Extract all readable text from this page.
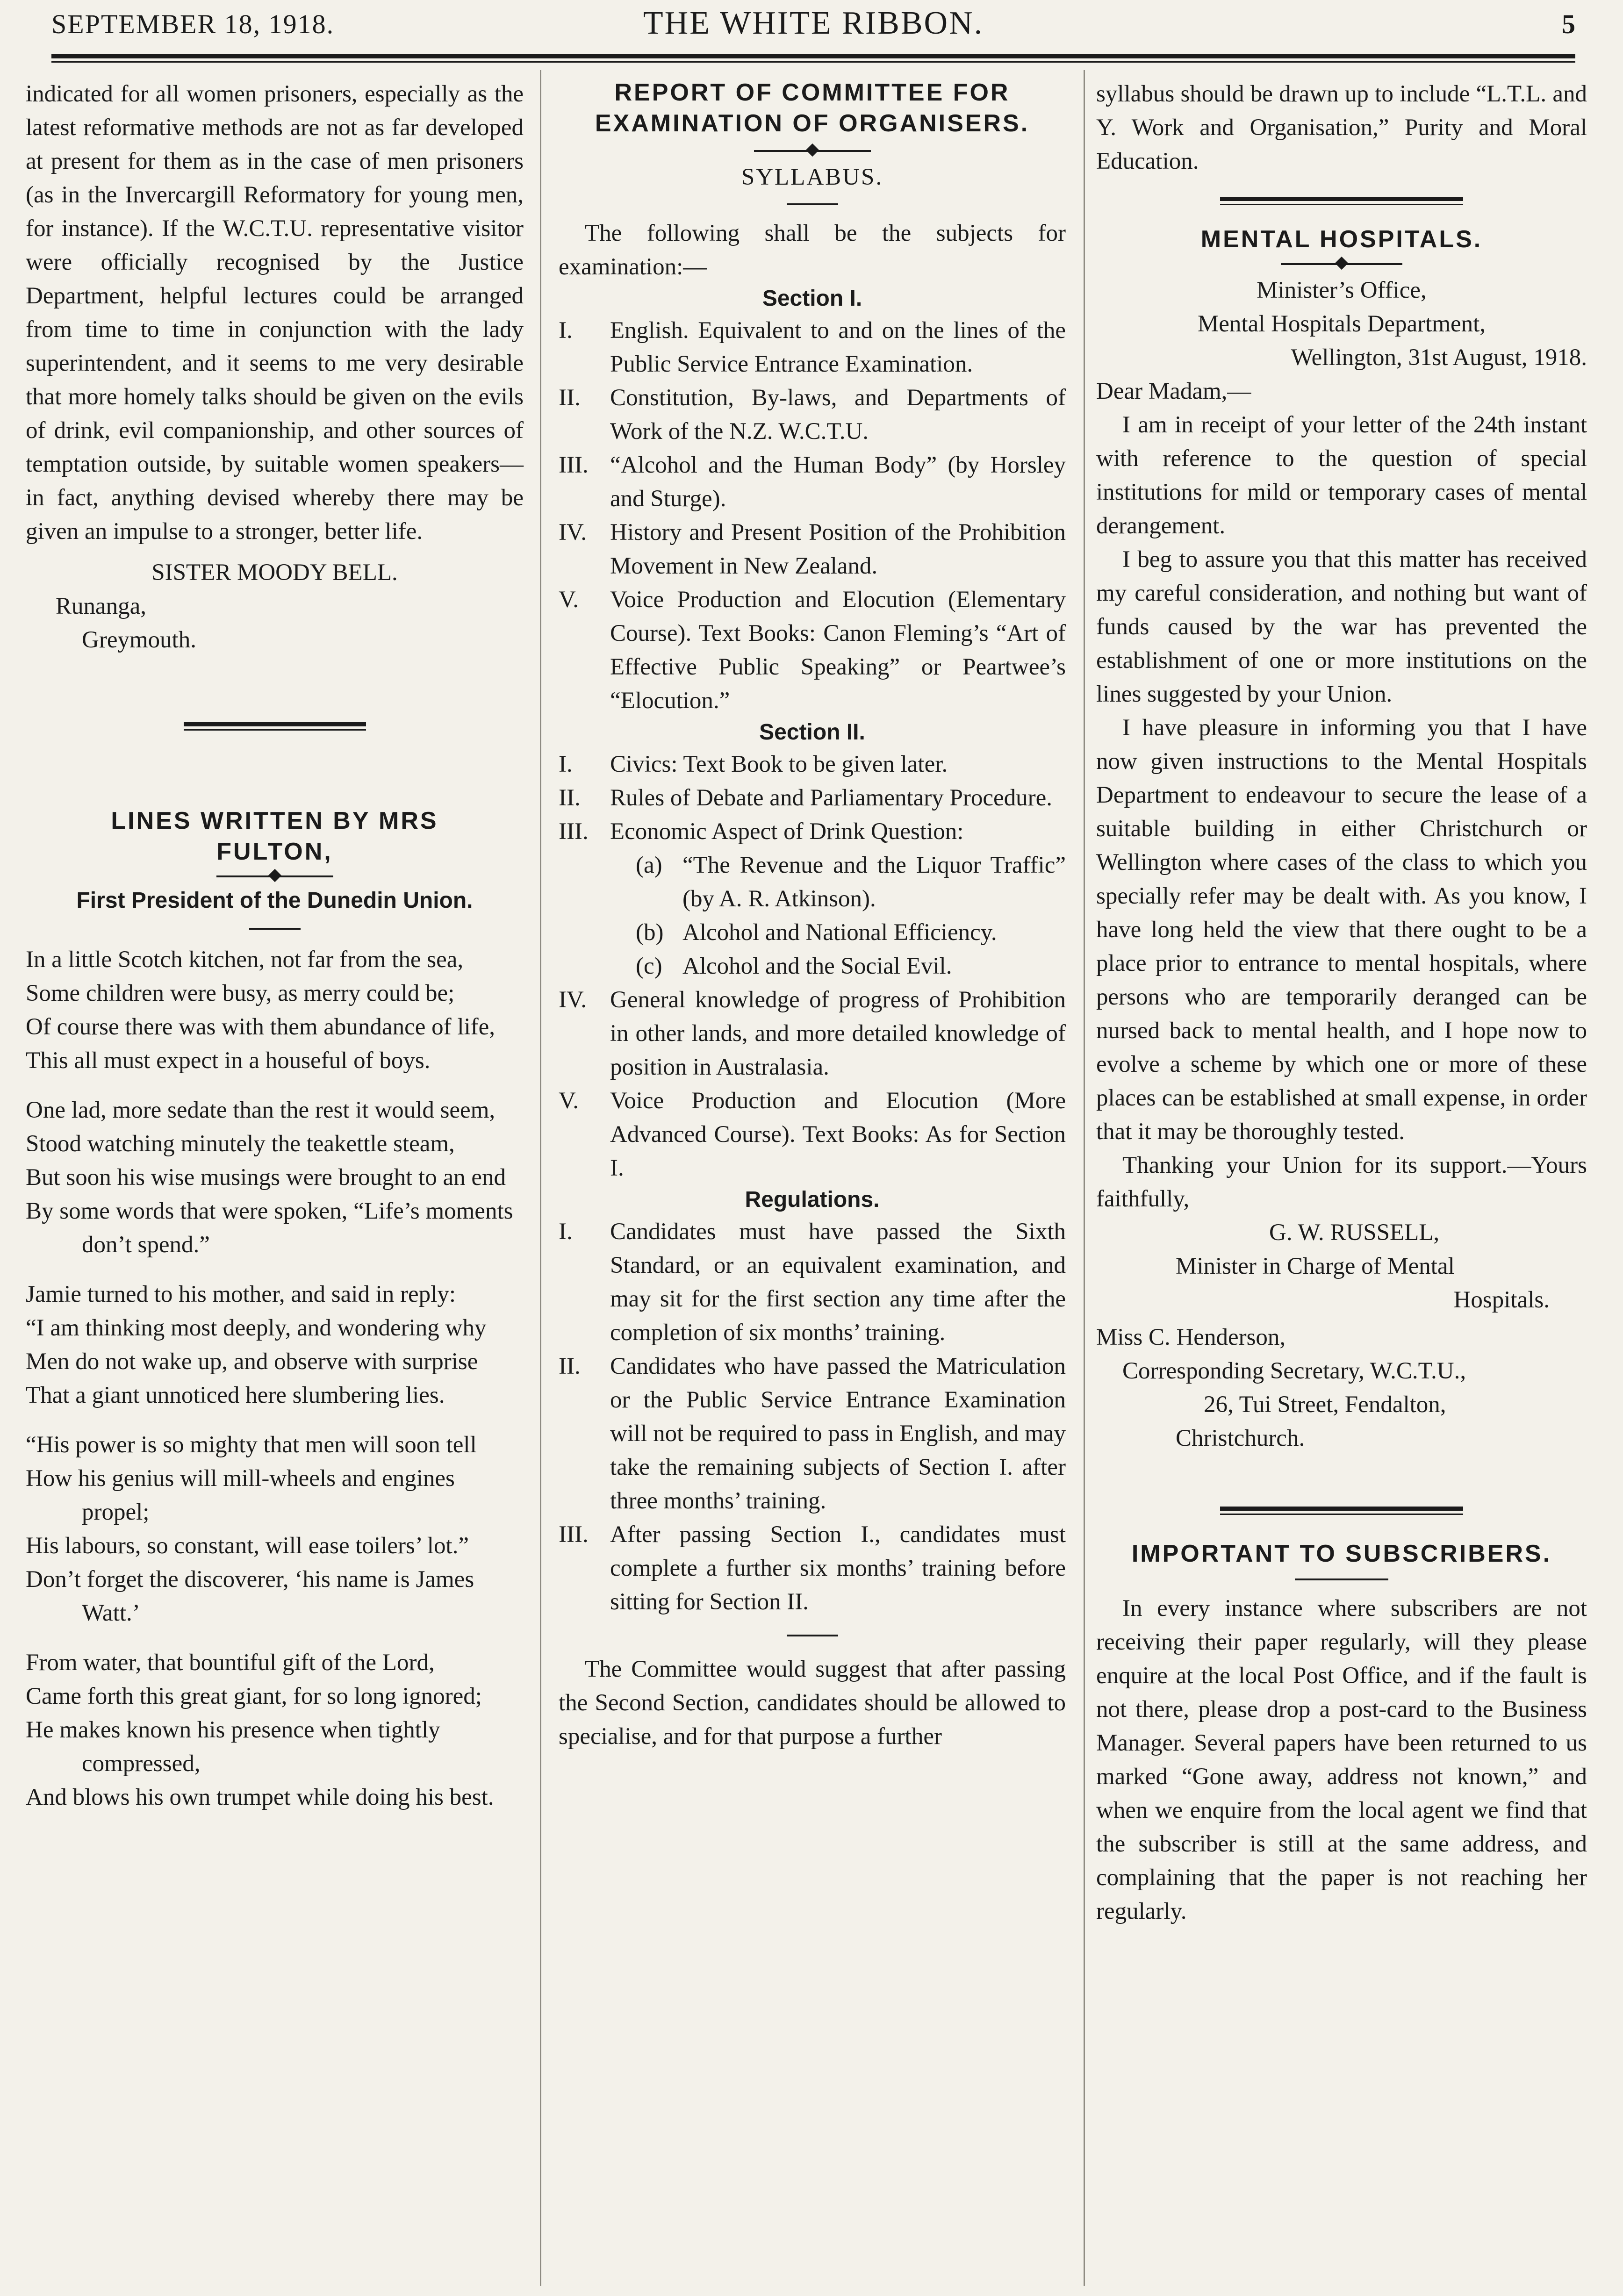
SEPTEMBER 18, 1918.	THE WHITE RIBBON.	5

indicated for all women prisoners, especially as the latest reformative methods are not as far developed at present for them as in the case of men prisoners (as in the Invercargill Reformatory for young men, for instance). If the W.C.T.U. representative visitor were officially recognised by the Justice Department, helpful lectures could be arranged from time to time in conjunction with the lady superintendent, and it seems to me very desirable that more homely talks should be given on the evils of drink, evil companionship, and other sources of temptation outside, by suitable women speakers—in fact, anything devised whereby there may be given an impulse to a stronger, better life.

SISTER MOODY BELL.
Runanga,
Greymouth.
LINES WRITTEN BY MRS FULTON,
First President of the Dunedin Union.
In a little Scotch kitchen, not far from the sea,
Some children were busy, as merry could be;
Of course there was with them abundance of life,
This all must expect in a houseful of boys.
One lad, more sedate than the rest it would seem,
Stood watching minutely the teakettle steam,
But soon his wise musings were brought to an end
By some words that were spoken, “Life’s moments don’t spend.”
Jamie turned to his mother, and said in reply:
“I am thinking most deeply, and wondering why
Men do not wake up, and observe with surprise
That a giant unnoticed here slumbering lies.
“His power is so mighty that men will soon tell
How his genius will mill-wheels and engines propel;
His labours, so constant, will ease toilers’ lot.”
Don’t forget the discoverer, ‘his name is James Watt.’
From water, that bountiful gift of the Lord,
Came forth this great giant, for so long ignored;
He makes known his presence when tightly compressed,
And blows his own trumpet while doing his best.
REPORT OF COMMITTEE FOR EXAMINATION OF ORGANISERS.
SYLLABUS.

The following shall be the subjects for examination:—

Section I.
I.	English. Equivalent to and on the lines of the Public Service Entrance Examination.
II.	Constitution, By-laws, and Departments of Work of the N.Z. W.C.T.U.
III. “Alcohol and the Human Body” (by Horsley and Sturge).
IV. History and Present Position of the Prohibition Movement in New Zealand.
V.	Voice Production and Elocution (Elementary Course). Text Books: Canon Fleming’s “Art of Effective Public Speaking” or Peartwee’s “Elocution.”
Section II.
I.	Civics: Text Book to be given later.
II.	Rules of Debate and Parliamentary Procedure.
III. Economic Aspect of Drink Question:
(a) “The Revenue and the Liquor Traffic” (by A. R. Atkinson).
(b) Alcohol and National Efficiency.
(c) Alcohol and the Social Evil.
IV. General knowledge of progress of Prohibition in other lands, and more detailed knowledge of position in Australasia.
V.	Voice Production and Elocution (More Advanced Course). Text Books: As for Section I.
Regulations.
I.	Candidates must have passed the Sixth Standard, or an equivalent examination, and may sit for the first section any time after the completion of six months’ training.
II.	Candidates who have passed the Matriculation or the Public Service Entrance Examination will not be required to pass in English, and may take the remaining subjects of Section I. after three months’ training.
III. After passing Section I., candidates must complete a further six months’ training before sitting for Section II.

The Committee would suggest that after passing the Second Section, candidates should be allowed to specialise, and for that purpose a further

syllabus should be drawn up to include “L.T.L. and Y. Work and Organisation,” Purity and Moral Education.

MENTAL HOSPITALS.
Minister’s Office,
Mental Hospitals Department,
Wellington, 31st August, 1918.
Dear Madam,—

I am in receipt of your letter of the 24th instant with reference to the question of special institutions for mild or temporary cases of mental derangement.

I beg to assure you that this matter has received my careful consideration, and nothing but want of funds caused by the war has prevented the establishment of one or more institutions on the lines suggested by your Union.

I have pleasure in informing you that I have now given instructions to the Mental Hospitals Department to endeavour to secure the lease of a suitable building in either Christchurch or Wellington where cases of the class to which you specially refer may be dealt with. As you know, I have long held the view that there ought to be a place prior to entrance to mental hospitals, where persons who are temporarily deranged can be nursed back to mental health, and I hope now to evolve a scheme by which one or more of these places can be established at small expense, in order that it may be thoroughly tested.

Thanking your Union for its support.—Yours faithfully,

G. W. RUSSELL,
Minister in Charge of Mental
Hospitals.
Miss C. Henderson,
Corresponding Secretary, W.C.T.U.,
26, Tui Street, Fendalton,
Christchurch.
IMPORTANT TO SUBSCRIBERS.

In every instance where subscribers are not receiving their paper regularly, will they please enquire at the local Post Office, and if the fault is not there, please drop a post-card to the Business Manager. Several papers have been returned to us marked “Gone away, address not known,” and when we enquire from the local agent we find that the subscriber is still at the same address, and complaining that the paper is not reaching her regularly.
